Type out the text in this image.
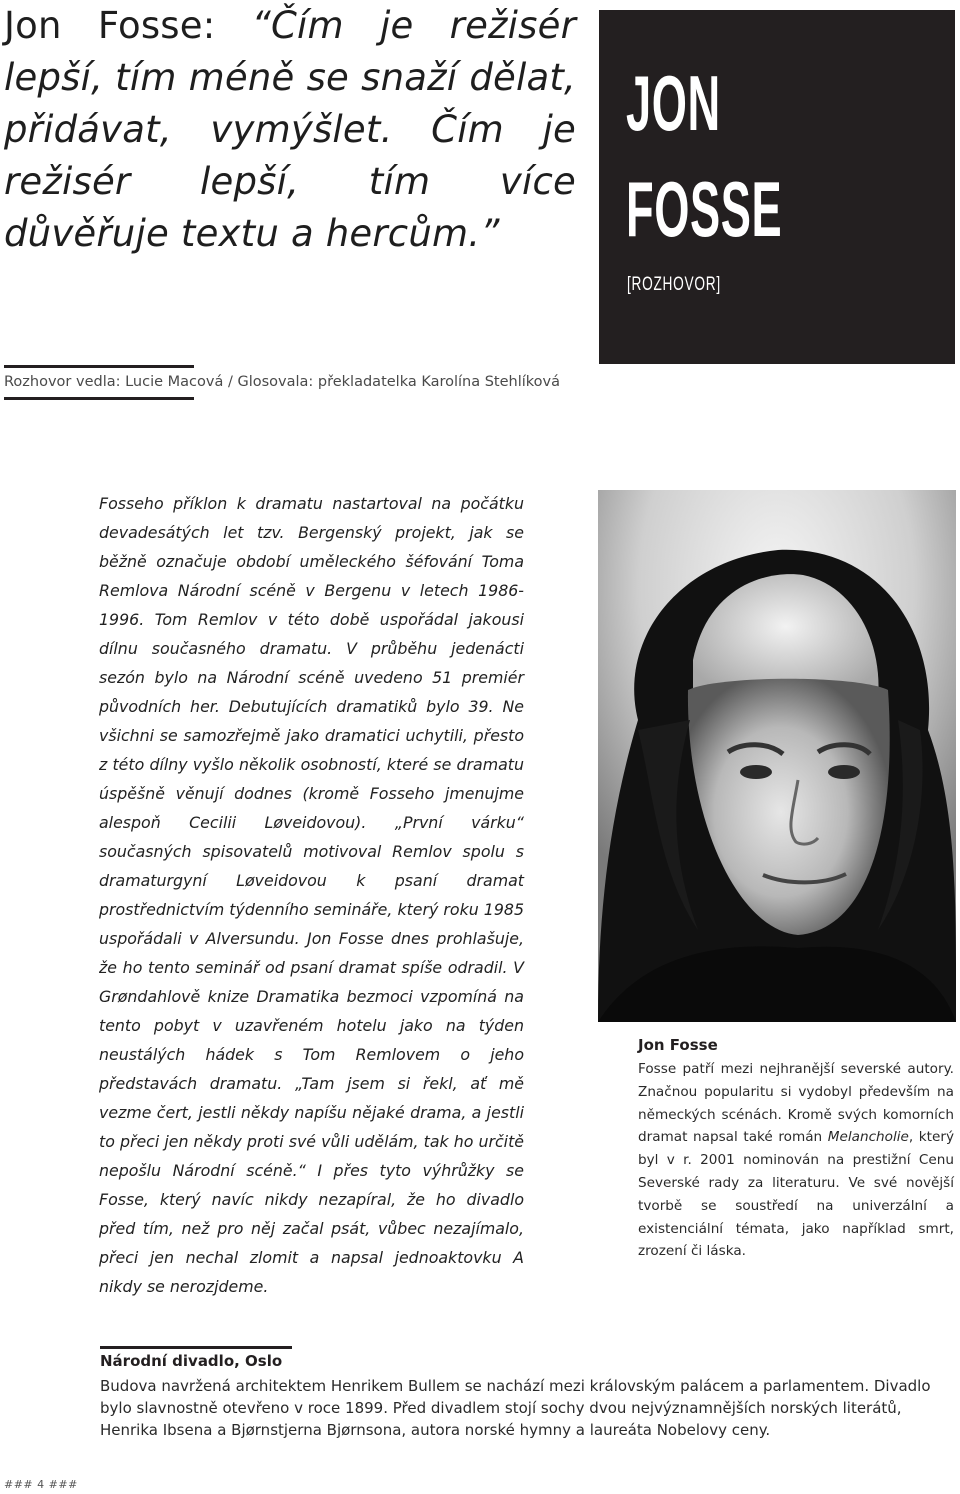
Jon Fosse: “Čím je režisér lepší, tím méně se snaží dělat, přidávat, vymýšlet. Čím je režisér lepší, tím více důvěřuje textu a hercům.”
JON
FOSSE
[ROZHOVOR]
Rozhovor vedla: Lucie Macová / Glosovala: překladatelka Karolína Stehlíková
Fosseho příklon k dramatu nastartoval na počátku devadesátých let tzv. Bergenský projekt, jak se běžně označuje období uměleckého šéfování Toma Remlova Národní scéně v Bergenu v letech 1986-1996. Tom Remlov v této době uspořádal jakousi dílnu současného dramatu. V průběhu jedenácti sezón bylo na Národní scéně uvedeno 51 premiér původních her. Debutujících dramatiků bylo 39. Ne všichni se samozřejmě jako dramatici uchytili, přesto z této dílny vyšlo několik osobností, které se dramatu úspěšně věnují dodnes (kromě Fosseho jmenujme alespoň Cecilii Løveidovou). „První várku“ současných spisovatelů motivoval Remlov spolu s dramaturgyní Løveidovou k psaní dramat prostřednictvím týdenního semináře, který roku 1985 uspořádali v Alversundu. Jon Fosse dnes prohlašuje, že ho tento seminář od psaní dramat spíše odradil. V Grøndahlově knize Dramatika bezmoci vzpomíná na tento pobyt v uzavřeném hotelu jako na týden neustálých hádek s Tom Remlovem o jeho představách dramatu. „Tam jsem si řekl, ať mě vezme čert, jestli někdy napíšu nějaké drama, a jestli to přeci jen někdy proti své vůli udělám, tak ho určitě nepošlu Národní scéně.“ I přes tyto výhrůžky se Fosse, který navíc nikdy nezapíral, že ho divadlo před tím, než pro něj začal psát, vůbec nezajímalo, přeci jen nechal zlomit a napsal jednoaktovku A nikdy se nerozjdeme.
Jon Fosse
Fosse patří mezi nejhranější severské autory. Značnou popularitu si vydobyl především na německých scénách. Kromě svých komorních dramat napsal také román Melancholie, který byl v r. 2001 nominován na prestižní Cenu Severské rady za literaturu. Ve své novější tvorbě se soustředí na univerzální a existenciální témata, jako například smrt, zrození či láska.
Národní divadlo, Oslo
Budova navržená architektem Henrikem Bullem se nachází mezi královským palácem a parlamentem. Divadlo bylo slavnostně otevřeno v roce 1899. Před divadlem stojí sochy dvou nejvýznamnějších norských literátů, Henrika Ibsena a Bjørnstjerna Bjørnsona, autora norské hymny a laureáta Nobelovy ceny.
### 4 ###
